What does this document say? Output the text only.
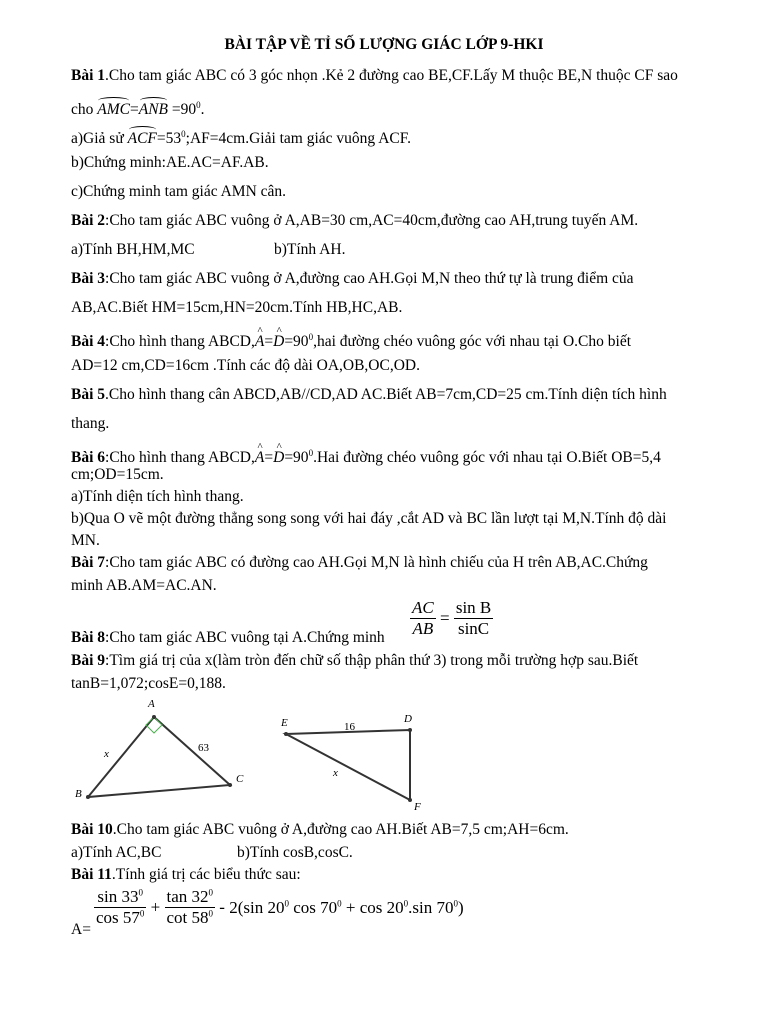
BÀI TẬP VỀ TỈ SỐ LƯỢNG GIÁC LỚP 9-HKI
Bài 1.Cho tam giác ABC có 3 góc nhọn .Kẻ 2 đường cao BE,CF.Lấy M thuộc BE,N thuộc CF sao
cho $AMC=ANB =90^0$.
a)Giả sử $ACF=53^0;AF=4cm.Giải$ tam giác vuông ACF.
b)Chứng minh:AE.AC=AF.AB.
c)Chứng minh tam giác AMN cân.
Bài 2:Cho tam giác ABC vuông ở A,AB=30 cm,AC=40cm,đường cao AH,trung tuyến AM.
a)Tính BH,HM,MC	b)Tính AH.
Bài 3:Cho tam giác ABC vuông ở A,đường cao AH.Gọi M,N theo thứ tự là trung điểm của
AB,AC.Biết HM=15cm,HN=20cm.Tính HB,HC,AB.
Bài 4:Cho hình thang ABCD,^ A=^ $D=90^0,hai$ đường chéo vuông góc với nhau tại O.Cho biết
AD=12 cm,CD=16cm .Tính các độ dài OA,OB,OC,OD.
Bài 5.Cho hình thang cân ABCD,AB//CD,AD AC.Biết AB=7cm,CD=25 cm.Tính diện tích hình
thang.
Bài 6:Cho hình thang ABCD,^ A=^ $D=90^0.Hai$ đường chéo vuông góc với nhau tại O.Biết OB=5,4
cm;OD=15cm.
a)Tính diện tích hình thang.
b)Qua O vẽ một đường thẳng song song với hai đáy ,cắt AD và BC lần lượt tại M,N.Tính độ dài
MN.
Bài 7:Cho tam giác ABC có đường cao AH.Gọi M,N là hình chiếu của H trên AB,AC.Chứng
minh AB.AM=AC.AN.
Bài 8:Cho tam giác ABC vuông tại A.Chứng minh $\frac{AC}{AB} = \frac{\text{sin B}}{\sin C}$
Bài 9:Tìm giá trị của x(làm tròn đến chữ số thập phân thứ 3) trong mỗi trường hợp sau.Biết
tanB=1,072;cosE=0,188.
A
B
C
x	63
E	D
F
x
16
Bài 10.Cho tam giác ABC vuông ở A,đường cao AH.Biết AB=7,5 cm;AH=6cm.
a)Tính AC,BC	b)Tính cosB,cosC.
Bài 11.Tính giá trị các biểu thức sau:
A=
$\frac{\sin 33^0}{\cos 57^0} + \frac{\tan 32^0}{\cot 58^0} - 2(\sin$ $20^0$ $\cos 70^0 + \cos 20^0.\sin$ $70^0$)
